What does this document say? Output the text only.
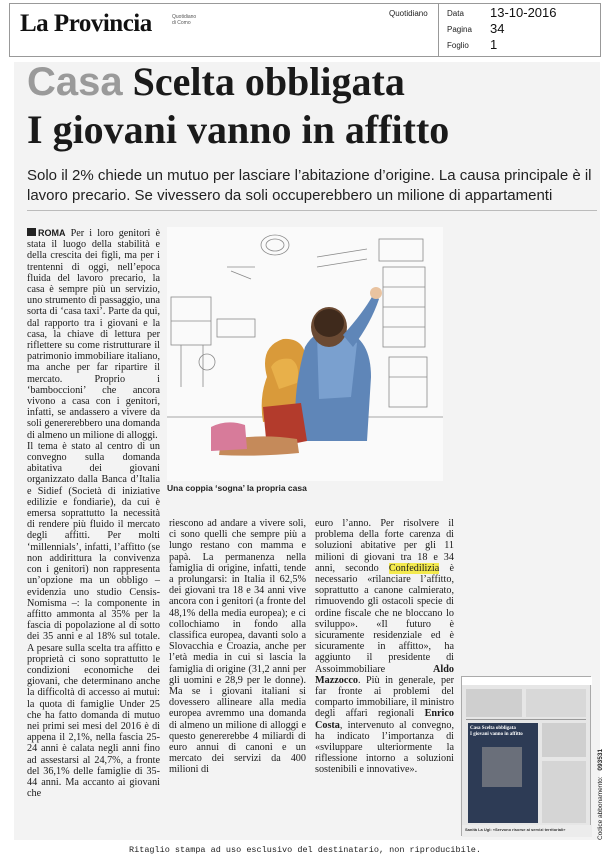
La Provincia	Quotidiano
di Como
Quotidiano Data 13-10-2016
Pagina 34
Foglio 1
Casa Scelta obbligata
I giovani vanno in affitto
Solo il 2% chiede un mutuo per lasciare l’abitazione d’origine. La causa principale è il lavoro precario. Se vivessero da soli occuperebbero un milione di appartamenti

ROMA Per i loro genitori è stata il luogo della stabilità e della crescita dei figli, ma per i trentenni di oggi, nell’epoca fluida del lavoro precario, la casa è sempre più un servizio, uno strumento di passaggio, una sorta di ‘casa taxi’. Parte da qui, dal rapporto tra i giovani e la casa, la chiave di lettura per riflettere su come ristrutturare il patrimonio immobiliare italiano, ma anche per far ripartire il mercato. Proprio i ‘bamboccioni’ che ancora vivono a casa con i genitori, infatti, se andassero a vivere da soli genererebbero una domanda di almeno un milione di alloggi.

Il tema è stato al centro di un convegno sulla domanda abitativa dei giovani organizzato dalla Banca d’Italia e Sidief (Società di iniziative edilizie e fondiarie), da cui è emersa soprattutto la necessità di rendere più fluido il mercato degli affitti. Per molti ‘millennials’, infatti, l’affitto (se non addirittura la convivenza con i genitori) non rappresenta un’opzione ma un obbligo – evidenzia uno studio Censis-Nomisma –: la componente in affitto ammonta al 35% per la fascia di popolazione al di sotto dei 35 anni e al 18% sul totale. A pesare sulla scelta tra affitto e proprietà ci sono soprattutto le condizioni economiche dei giovani, che determinano anche la difficoltà di accesso ai mutui: la quota di famiglie Under 25 che ha fatto domanda di mutuo nei primi sei mesi del 2016 è di appena il 2,1%, nella fascia 25-24 anni è calata negli anni fino ad assestarsi al 24,7%, a fronte del 36,1% delle famiglie di 35-44 anni. Ma accanto ai giovani che

Una coppia ‘sogna’ la propria casa

riescono ad andare a vivere soli, ci sono quelli che sempre più a lungo restano con mamma e papà. La permanenza nella famiglia di origine, infatti, tende a prolungarsi: in Italia il 62,5% dei giovani tra 18 e 34 anni vive ancora con i genitori (a fronte del 48,1% della media europea); e ci collochiamo in fondo alla classifica europea, davanti solo a Slovacchia e Croazia, anche per l’età media in cui si lascia la famiglia di origine (31,2 anni per gli uomini e 28,9 per le donne). Ma se i giovani italiani si dovessero allineare alla media europea avremmo una domanda di almeno un milione di alloggi e questo genererebbe 4 miliardi di euro annui di canoni e un mercato dei servizi da 400 milioni di

euro l’anno. Per risolvere il problema della forte carenza di soluzioni abitative per gli 11 milioni di giovani tra 18 e 34 anni, secondo Confedilizia è necessario «rilanciare l’affitto, soprattutto a canone calmierato, rimuovendo gli ostacoli specie di ordine fiscale che ne bloccano lo sviluppo». «Il futuro è sicuramente residenziale ed è sicuramente in affitto», ha aggiunto il presidente di Assoimmobiliare Aldo Mazzocco. Più in generale, per far fronte ai problemi del comparto immobiliare, il ministro degli affari regionali Enrico Costa, intervenuto al convegno, ha indicato l’importanza di «sviluppare ulteriormente la riflessione intorno a soluzioni sostenibili e innovative».

Casa Scelta obbligata
I giovani vanno in affitto
Sanità La Ugl: «Servono risorse ai servizi territoriali»	Codice abbonamento: 093531
Ritaglio stampa ad uso esclusivo del destinatario, non riproducibile.
